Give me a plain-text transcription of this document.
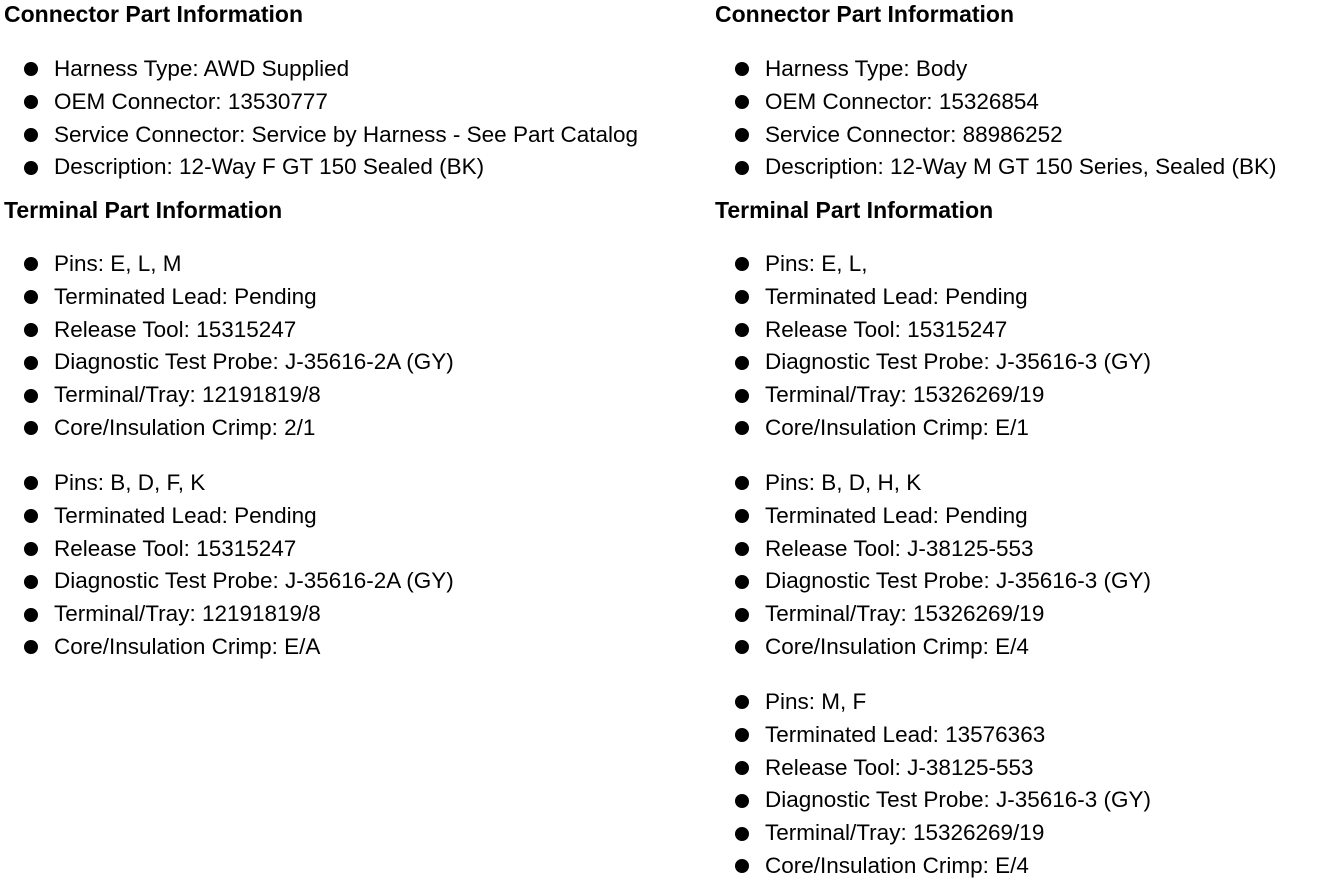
Connector Part Information
Harness Type: AWD Supplied
OEM Connector: 13530777
Service Connector: Service by Harness - See Part Catalog
Description: 12-Way F GT 150 Sealed (BK)
Terminal Part Information
Pins: E, L, M
Terminated Lead: Pending
Release Tool: 15315247
Diagnostic Test Probe: J-35616-2A (GY)
Terminal/Tray: 12191819/8
Core/Insulation Crimp: 2/1
Pins: B, D, F, K
Terminated Lead: Pending
Release Tool: 15315247
Diagnostic Test Probe: J-35616-2A (GY)
Terminal/Tray: 12191819/8
Core/Insulation Crimp: E/A
Connector Part Information
Harness Type: Body
OEM Connector: 15326854
Service Connector: 88986252
Description: 12-Way M GT 150 Series, Sealed (BK)
Terminal Part Information
Pins: E, L,
Terminated Lead: Pending
Release Tool: 15315247
Diagnostic Test Probe: J-35616-3 (GY)
Terminal/Tray: 15326269/19
Core/Insulation Crimp: E/1
Pins: B, D, H, K
Terminated Lead: Pending
Release Tool: J-38125-553
Diagnostic Test Probe: J-35616-3 (GY)
Terminal/Tray: 15326269/19
Core/Insulation Crimp: E/4
Pins: M, F
Terminated Lead: 13576363
Release Tool: J-38125-553
Diagnostic Test Probe: J-35616-3 (GY)
Terminal/Tray: 15326269/19
Core/Insulation Crimp: E/4
